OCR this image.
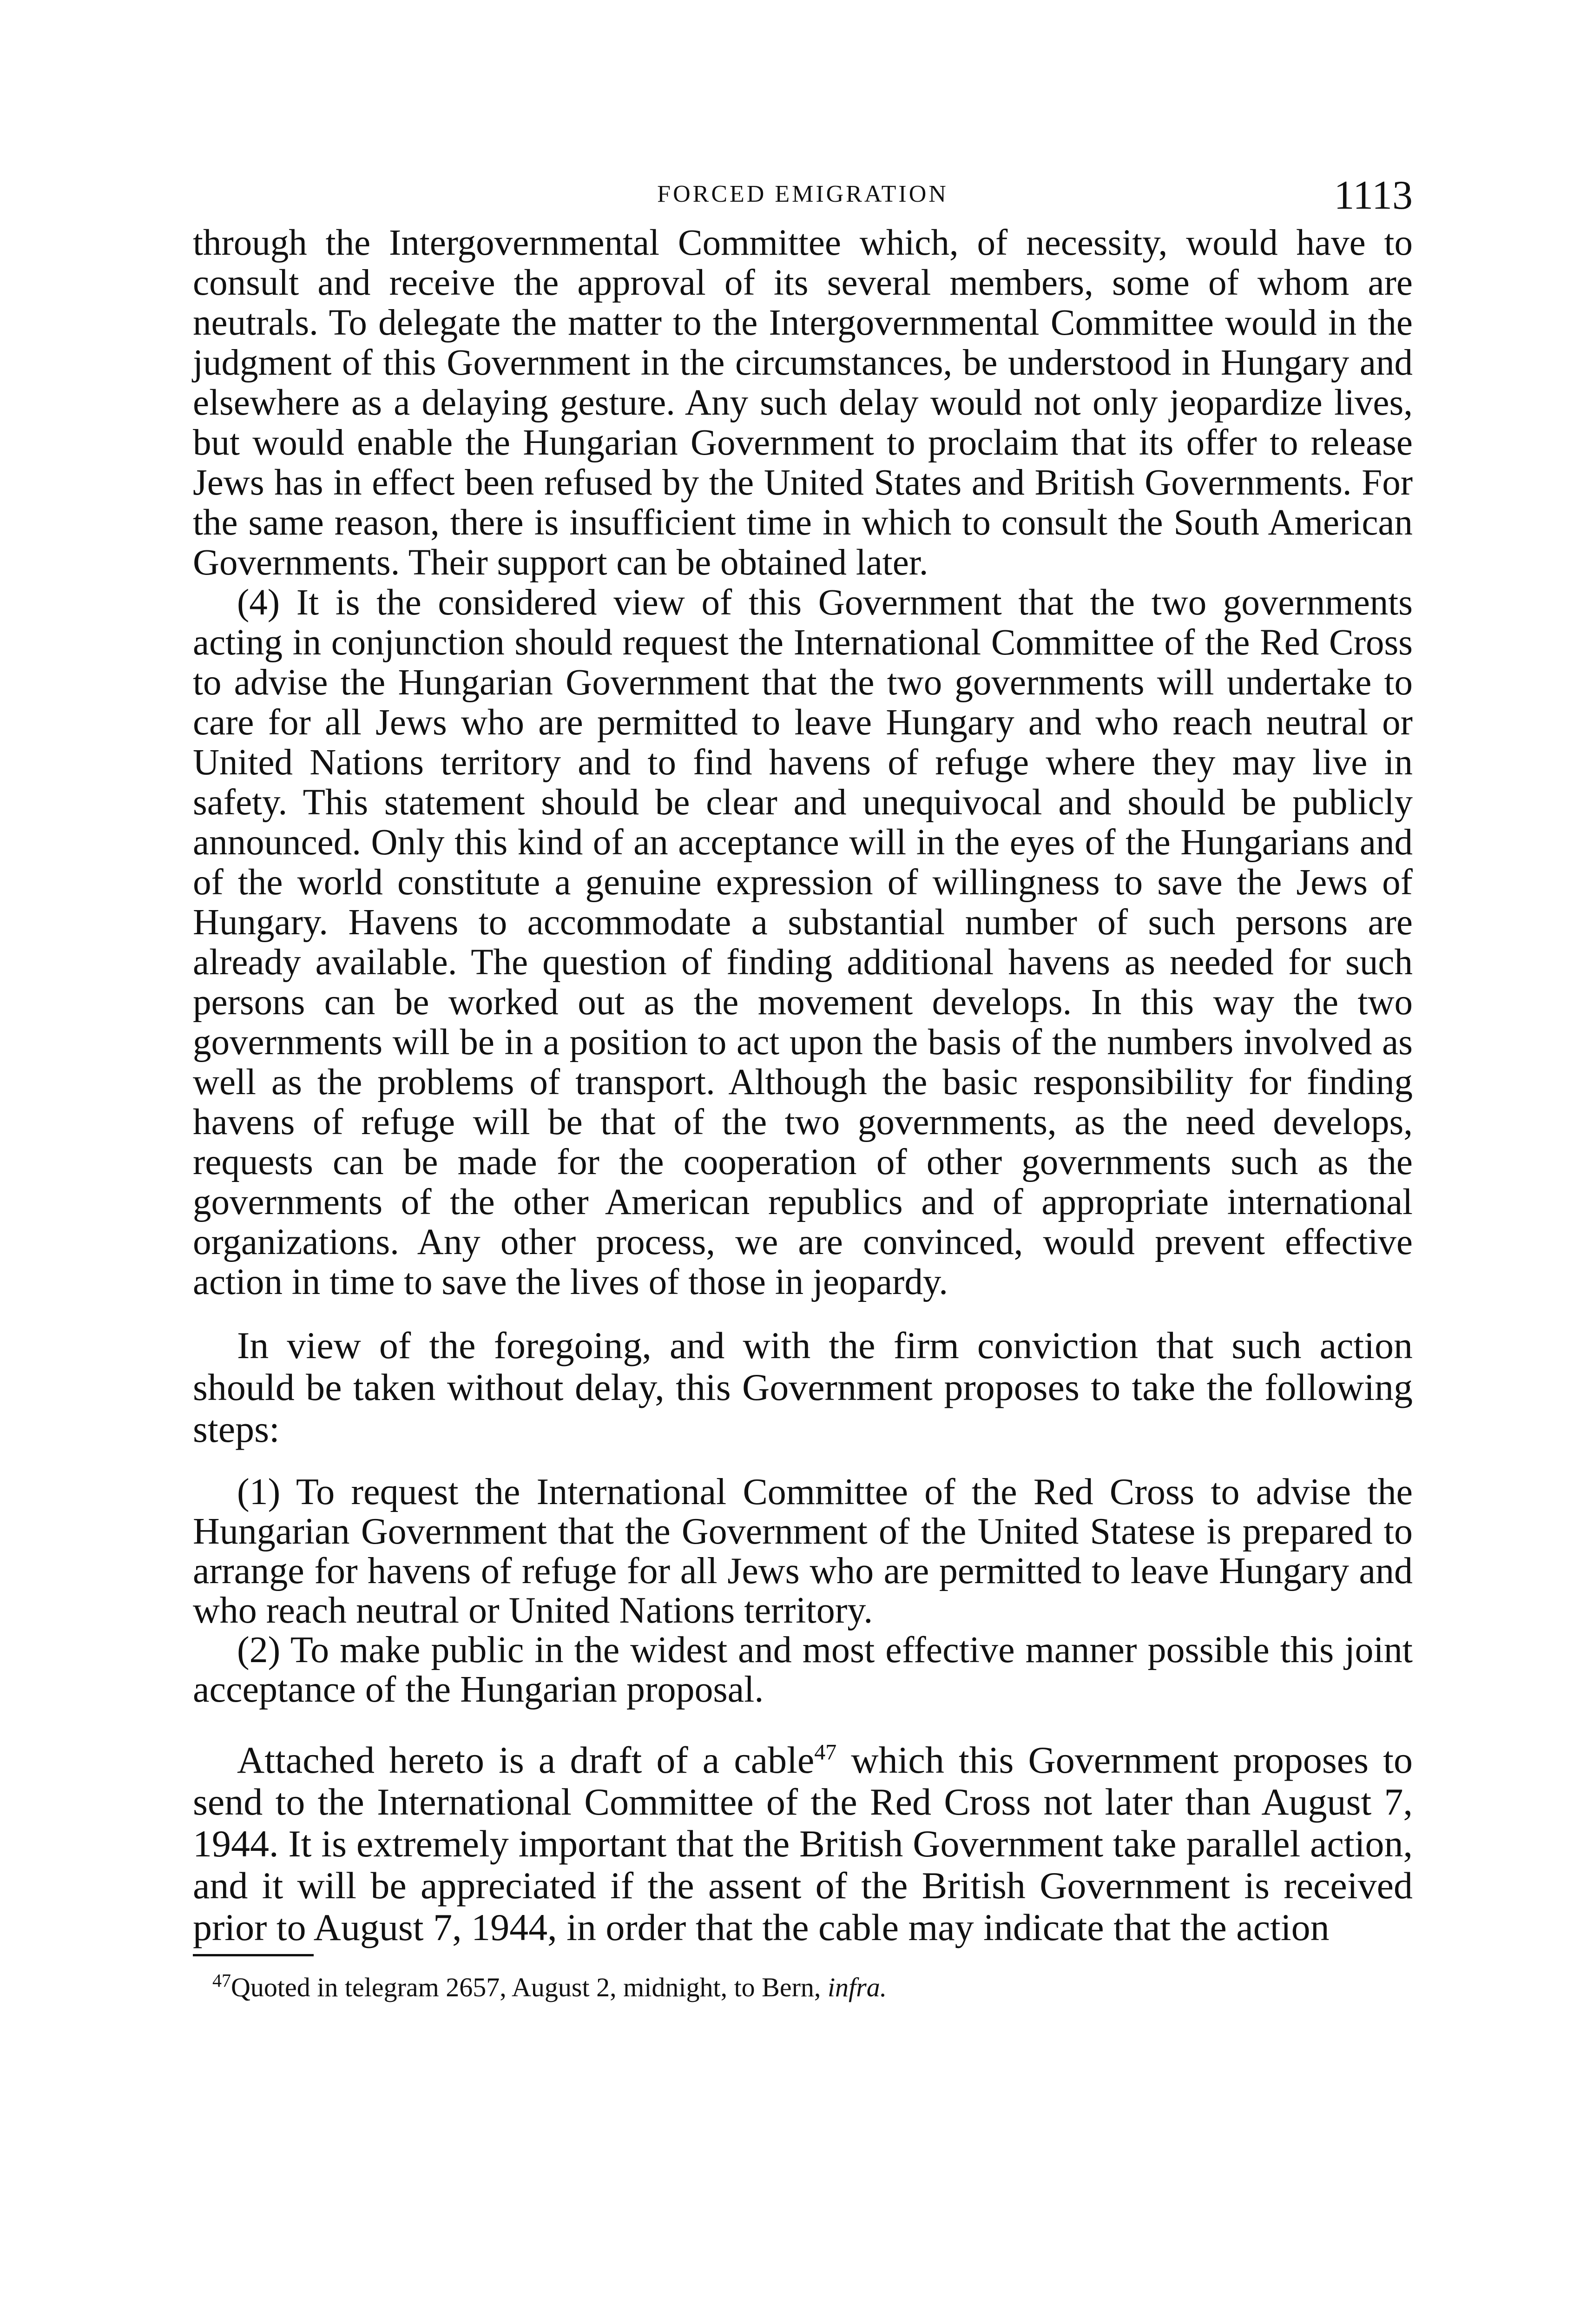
FORCED EMIGRATION	1113

through the Intergovernmental Committee which, of necessity, would have to consult and receive the approval of its several members, some of whom are neutrals. To delegate the matter to the Intergovernmental Committee would in the judgment of this Government in the circumstances, be understood in Hungary and elsewhere as a delaying gesture. Any such delay would not only jeopardize lives, but would enable the Hungarian Government to proclaim that its offer to release Jews has in effect been refused by the United States and British Governments. For the same reason, there is insufficient time in which to consult the South American Governments. Their support can be obtained later.

(4) It is the considered view of this Government that the two governments acting in conjunction should request the International Committee of the Red Cross to advise the Hungarian Government that the two governments will undertake to care for all Jews who are permitted to leave Hungary and who reach neutral or United Nations territory and to find havens of refuge where they may live in safety. This statement should be clear and unequivocal and should be publicly announced. Only this kind of an acceptance will in the eyes of the Hungarians and of the world constitute a genuine expression of willingness to save the Jews of Hungary. Havens to accommodate a substantial number of such persons are already available. The question of finding additional havens as needed for such persons can be worked out as the movement develops. In this way the two governments will be in a position to act upon the basis of the numbers involved as well as the problems of transport. Although the basic responsibility for finding havens of refuge will be that of the two governments, as the need develops, requests can be made for the cooperation of other governments such as the governments of the other American republics and of appropriate international organizations. Any other process, we are convinced, would prevent effective action in time to save the lives of those in jeopardy.

In view of the foregoing, and with the firm conviction that such action should be taken without delay, this Government proposes to take the following steps:

(1) To request the International Committee of the Red Cross to advise the Hungarian Government that the Government of the United Statese is prepared to arrange for havens of refuge for all Jews who are permitted to leave Hungary and who reach neutral or United Nations territory.

(2) To make public in the widest and most effective manner possible this joint acceptance of the Hungarian proposal.

Attached hereto is a draft of a cable$^{47}$ which this Government proposes to send to the International Committee of the Red Cross not later than August 7, 1944. It is extremely important that the British Government take parallel action, and it will be appreciated if the assent of the British Government is received prior to August 7, 1944, in order that the cable may indicate that the action

$^{47}$Quoted in telegram 2657, August 2, midnight, to Bern, infra.
